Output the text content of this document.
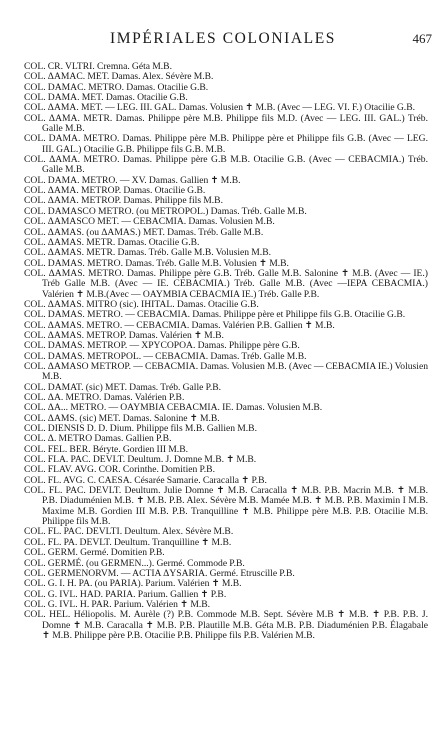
IMPÉRIALES COLONIALES	467
COL. CR. VLTRI. Cremna. Géta M.B.
COL. ΔAMAC. MET. Damas. Alex. Sévère M.B.
COL. DAMAC. METRO. Damas. Otacilie G.B.
COL. DAMA. MET. Damas. Otacilie G.B.
COL. ΔAMA. MET. — LEG. III. GAL. Damas. Volusien ✝ M.B. (Avec — LEG. VI. F.) Otacilie G.B.
COL. ΔAMA. METR. Damas. Philippe père M.B. Philippe fils M.D. (Avec — LEG. III. GAL.) Tréb. Galle M.B.
COL. DAMA. METRO. Damas. Philippe père M.B. Philippe père et Philippe fils G.B. (Avec — LEG. III. GAL.) Otacilie G.B. Philippe fils G.B. M.B.
COL. ΔAMA. METRO. Damas. Philippe père G.B M.B. Otacilie G.B. (Avec — CEBACMIA.) Tréb. Galle M.B.
COL. DAMA. METRO. — XV. Damas. Gallien ✝ M.B.
COL. ΔAMA. METROP. Damas. Otacilie G.B.
COL. ΔAMA. METROP. Damas. Philippe fils M.B.
COL. DAMASCO METRO. (ou METROPOL.) Damas. Tréb. Galle M.B.
COL. ΔAMASCO MET. — CEBACMIA. Damas. Volusien M.B.
COL. ΔAMAS. (ou ΔAMAS.) MET. Damas. Tréb. Galle M.B.
COL. ΔAMAS. METR. Damas. Otacilie G.B.
COL. ΔAMAS. METR. Damas. Tréb. Galle M.B. Volusien M.B.
COL. DAMAS. METRO. Damas. Tréb. Galle M.B. Volusien ✝ M.B.
COL. ΔAMAS. METRO. Damas. Philippe père G.B. Tréb. Galle M.B. Salonine ✝ M.B. (Avec — IE.) Tréb Galle M.B. (Avec — IE. CEBACMIA.) Tréb. Galle M.B. (Avec —IEPA CEBACMIA.) Valérien ✝ M.B.(Avec — OAYMBIA CEBACMIA IE.) Tréb. Galle P.B.
COL. ΔAMAS. MITRO (sic). IHITAL. Damas. Otacilie G.B.
COL. DAMAS. METRO. — CEBACMIA. Damas. Philippe père et Philippe fils G.B. Otacilie G.B.
COL. ΔAMAS. METRO. — CEBACMIA. Damas. Valérien P.B. Gallien ✝ M.B.
COL. ΔAMAS. METROP. Damas. Valérien ✝ M.B.
COL. DAMAS. METROP. — XPYCOPOA. Damas. Philippe père G.B.
COL. DAMAS. METROPOL. — CEBACMIA. Damas. Tréb. Galle M.B.
COL. ΔAMASO METROP. — CEBACMIA. Damas. Volusien M.B. (Avec — CEBACMIA IE.) Volusien M.B.
COL. DAMAT. (sic) MET. Damas. Tréb. Galle P.B.
COL. ΔA. METRO. Damas. Valérien P.B.
COL. ΔA... METRO. — OAYMBIA CEBACMIA. IE. Damas. Volusien M.B.
COL. ΔAMS. (sic) MET. Damas. Salonine ✝ M.B.
COL. DIENSIS D. D. Dium. Philippe fils M.B. Gallien M.B.
COL. Δ. METRO Damas. Gallien P.B.
COL. FEL. BER. Béryte. Gordien III M.B.
COL. FLA. PAC. DEVLT. Deultum. J. Domne M.B. ✝ M.B.
COL. FLAV. AVG. COR. Corinthe. Domitien P.B.
COL. FL. AVG. C. CAESA. Césarée Samarie. Caracalla ✝ P.B.
COL. FL. PAC. DEVLT. Deultum. Julie Domne ✝ M.B. Caracalla ✝ M.B. P.B. Macrin M.B. ✝ M.B. P.B. Diaduménien M.B. ✝ M.B. P.B. Alex. Sévère M.B. Mamée M.B. ✝ M.B. P.B. Maximin I M.B. Maxime M.B. Gordien III M.B. P.B. Tranquilline ✝ M.B. Philippe père M.B. P.B. Otacilie M.B. Philippe fils M.B.
COL. FL. PAC. DEVLTI. Deultum. Alex. Sévère M.B.
COL. FL. PA. DEVLT. Deultum. Tranquilline ✝ M.B.
COL. GERM. Germé. Domitien P.B.
COL. GERMÉ. (ou GERMEN...). Germé. Commode P.B.
COL. GERMENORVM. — ACTIA ΔYSARIA. Germé. Etruscille P.B.
COL. G. I. H. PA. (ou PARIA). Parium. Valérien ✝ M.B.
COL. G. IVL. HAD. PARIA. Parium. Gallien ✝ P.B.
COL. G. IVL. H. PAR. Parium. Valérien ✝ M.B.
COL. HEL. Héliopolis. M. Aurèle (?) P.B. Commode M.B. Sept. Sévère M.B ✝ M.B. ✝ P.B. P.B. J. Domne ✝ M.B. Caracalla ✝ M.B. P.B. Plautille M.B. Géta M.B. P.B. Diaduménien P.B. Élagabale ✝ M.B. Philippe père P.B. Otacilie P.B. Philippe fils P.B. Valérien M.B.
